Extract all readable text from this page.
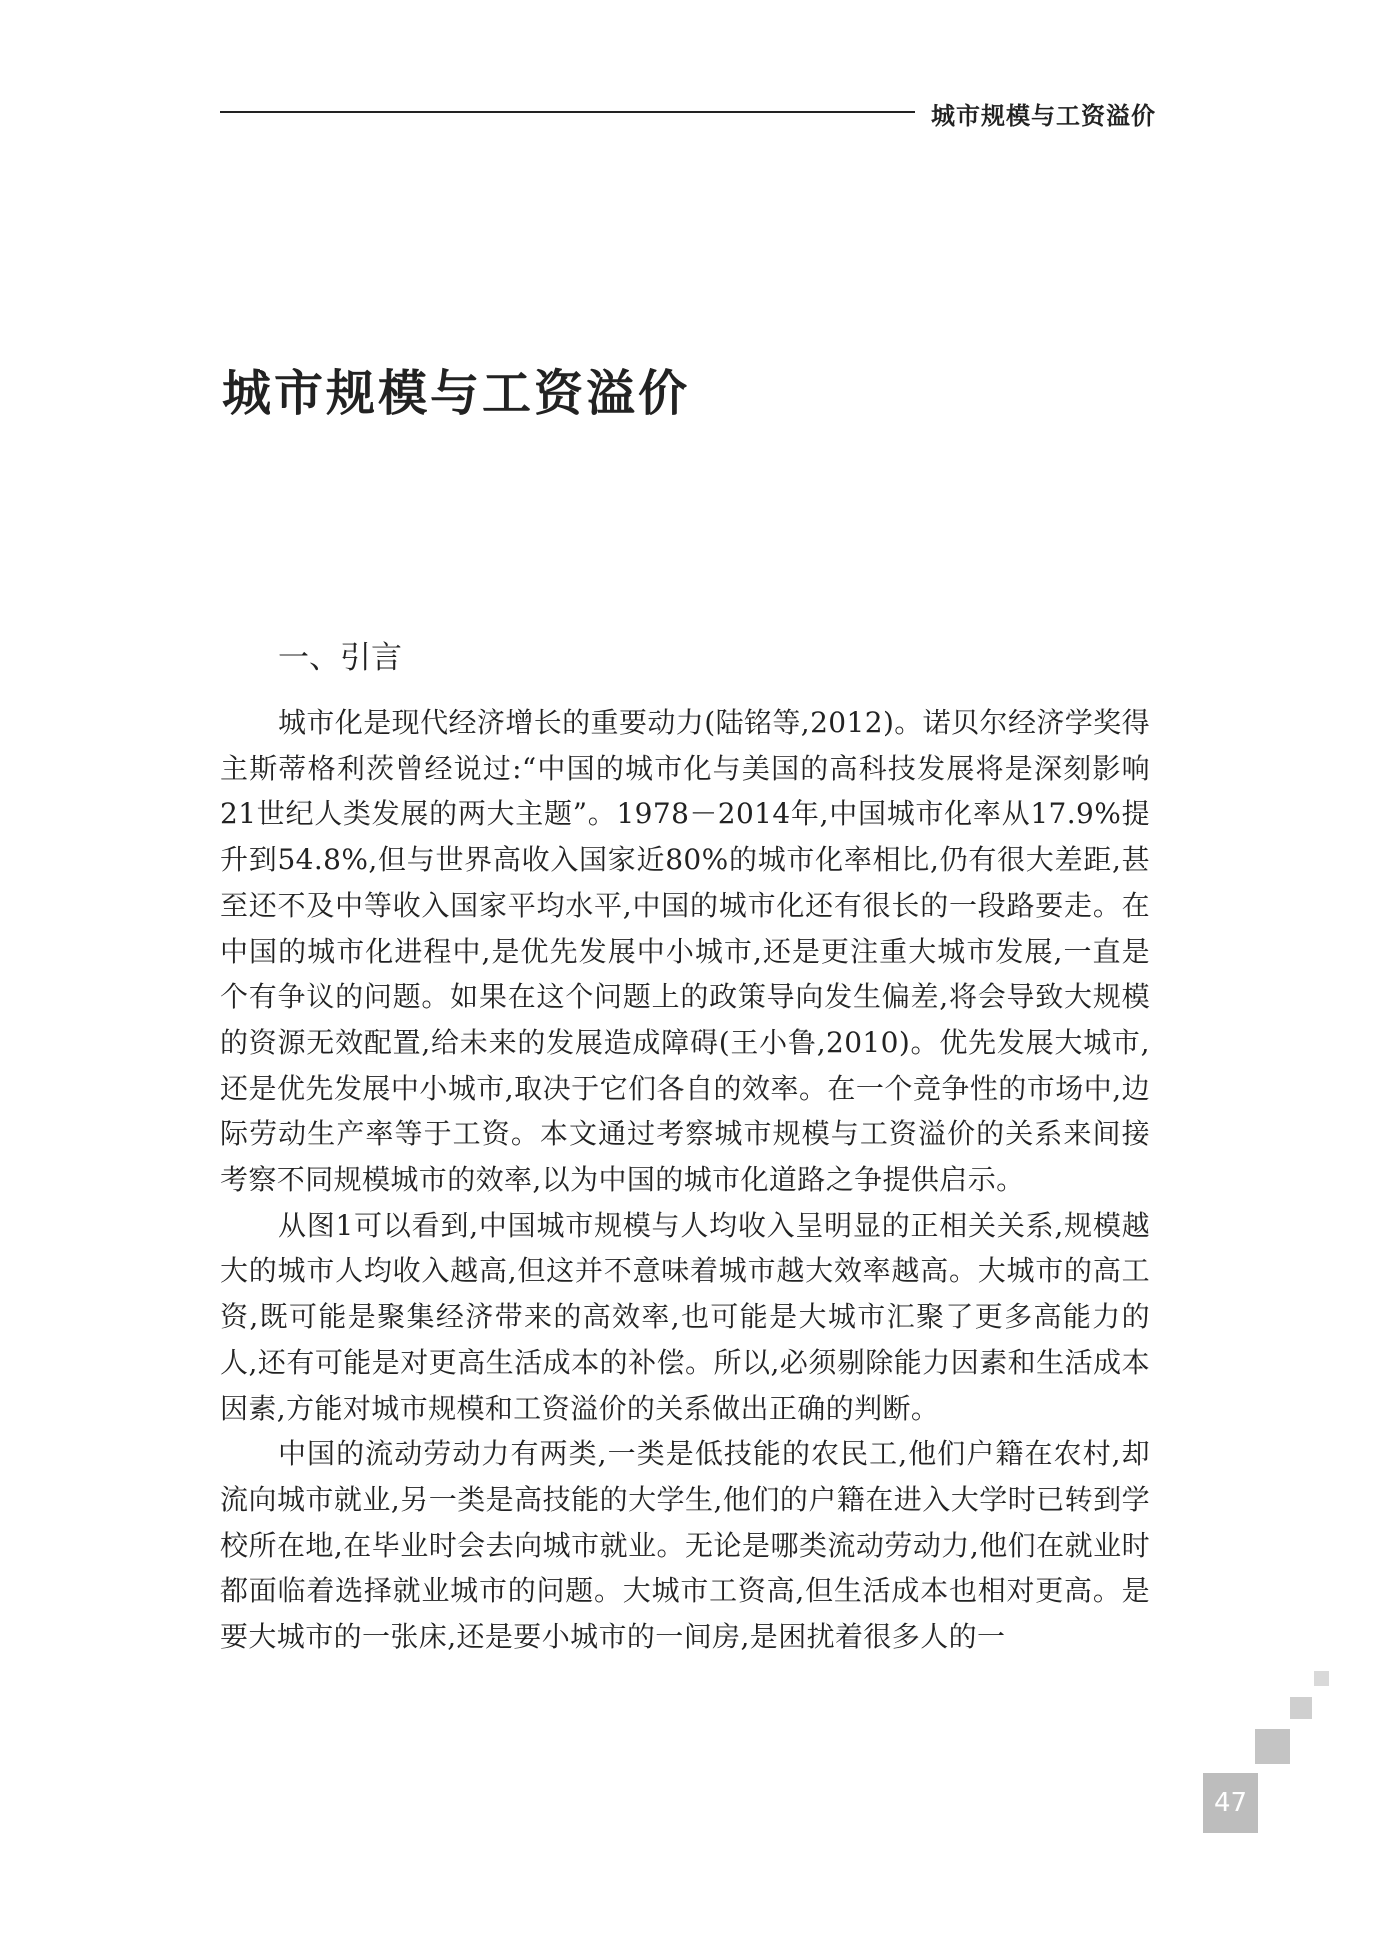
城市规模与工资溢价
城市规模与工资溢价
一、引言

城市化是现代经济增长的重要动力(陆铭等,2012)。诺贝尔经济学奖得主斯蒂格利茨曾经说过:“中国的城市化与美国的高科技发展将是深刻影响21世纪人类发展的两大主题”。1978－2014年,中国城市化率从17.9%提升到54.8%,但与世界高收入国家近80%的城市化率相比,仍有很大差距,甚至还不及中等收入国家平均水平,中国的城市化还有很长的一段路要走。在中国的城市化进程中,是优先发展中小城市,还是更注重大城市发展,一直是个有争议的问题。如果在这个问题上的政策导向发生偏差,将会导致大规模的资源无效配置,给未来的发展造成障碍(王小鲁,2010)。优先发展大城市,还是优先发展中小城市,取决于它们各自的效率。在一个竞争性的市场中,边际劳动生产率等于工资。本文通过考察城市规模与工资溢价的关系来间接考察不同规模城市的效率,以为中国的城市化道路之争提供启示。

从图1可以看到,中国城市规模与人均收入呈明显的正相关关系,规模越大的城市人均收入越高,但这并不意味着城市越大效率越高。大城市的高工资,既可能是聚集经济带来的高效率,也可能是大城市汇聚了更多高能力的人,还有可能是对更高生活成本的补偿。所以,必须剔除能力因素和生活成本因素,方能对城市规模和工资溢价的关系做出正确的判断。

中国的流动劳动力有两类,一类是低技能的农民工,他们户籍在农村,却流向城市就业,另一类是高技能的大学生,他们的户籍在进入大学时已转到学校所在地,在毕业时会去向城市就业。无论是哪类流动劳动力,他们在就业时都面临着选择就业城市的问题。大城市工资高,但生活成本也相对更高。是要大城市的一张床,还是要小城市的一间房,是困扰着很多人的一

47
